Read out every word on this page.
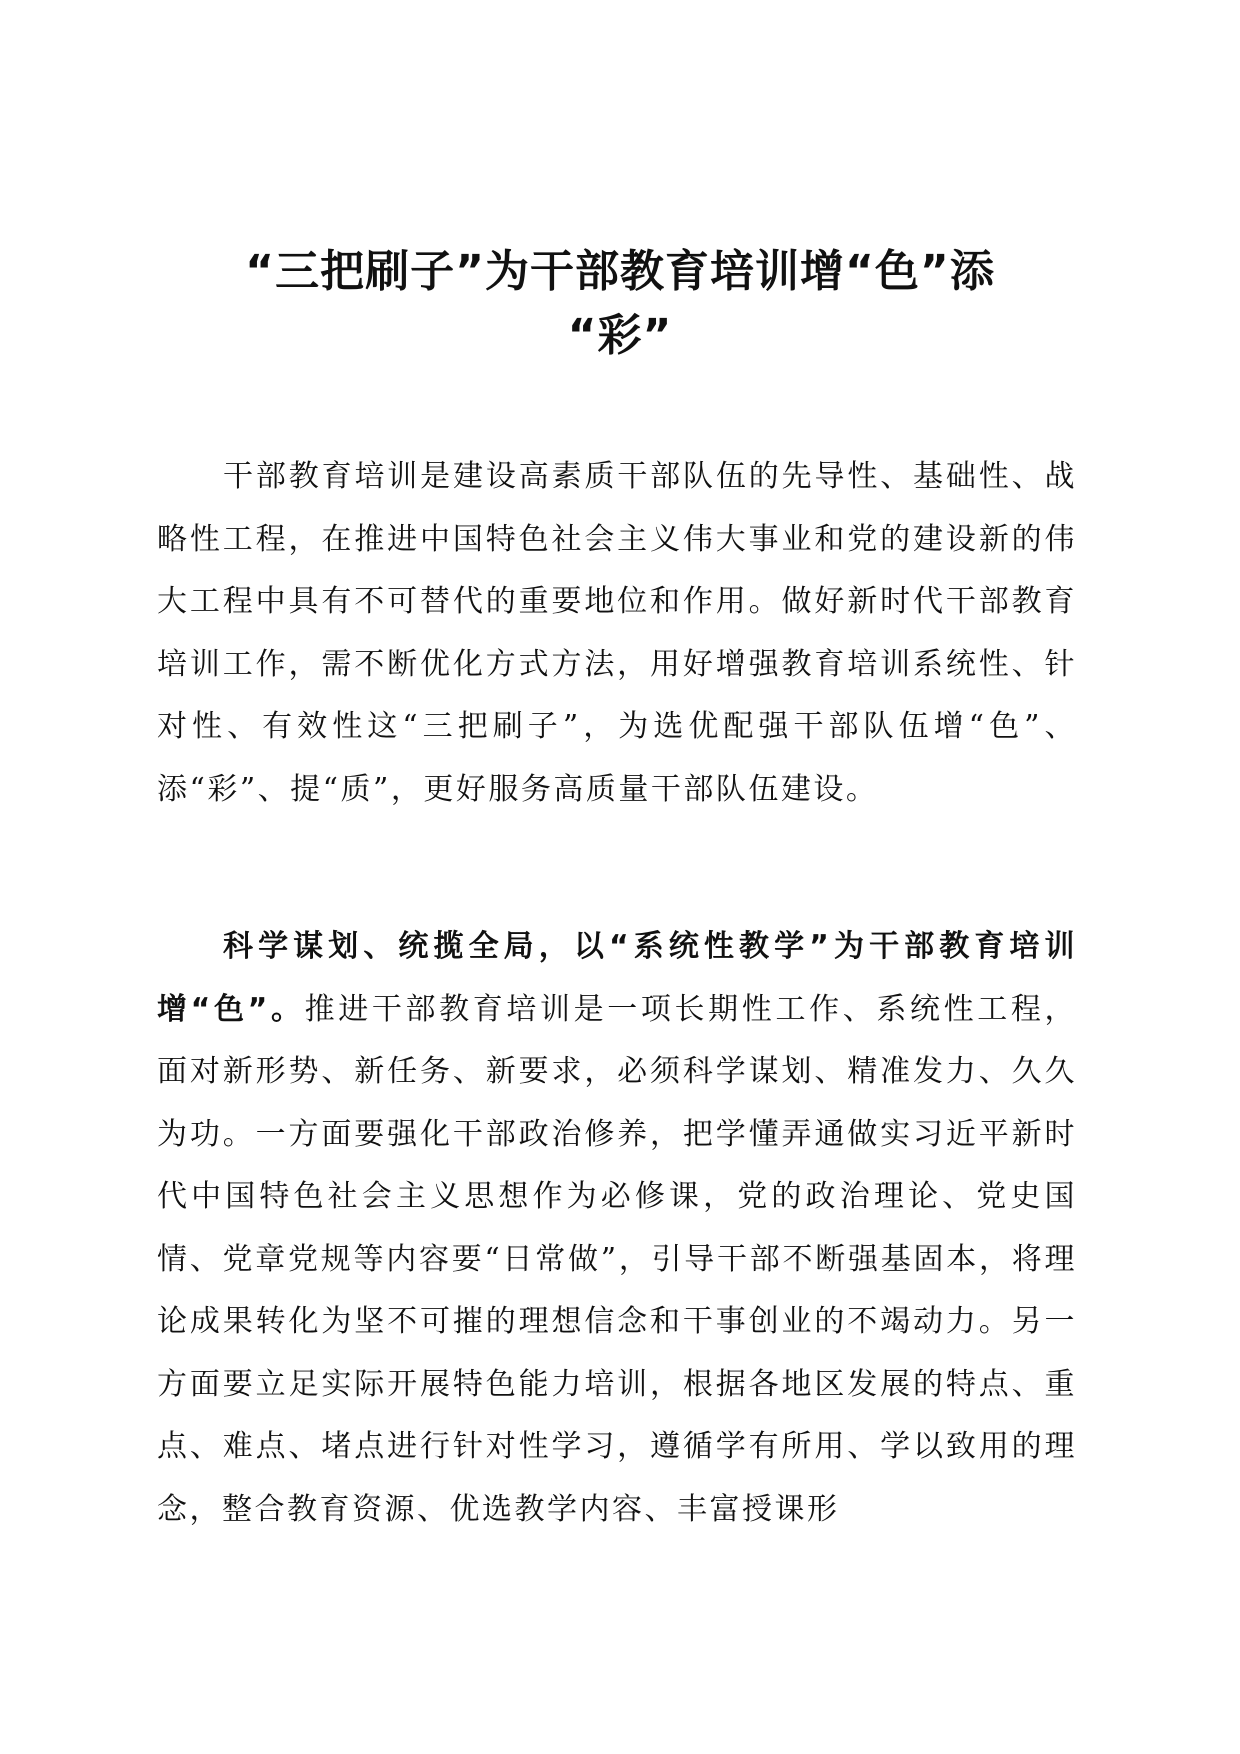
“三把刷子”为干部教育培训增“色”添
“彩”

干部教育培训是建设高素质干部队伍的先导性、基础性、战略性工程，在推进中国特色社会主义伟大事业和党的建设新的伟大工程中具有不可替代的重要地位和作用。做好新时代干部教育培训工作，需不断优化方式方法，用好增强教育培训系统性、针对性、有效性这“三把刷子”，为选优配强干部队伍增“色”、添“彩”、提“质”，更好服务高质量干部队伍建设。

科学谋划、统揽全局，以“系统性教学”为干部教育培训增“色”。推进干部教育培训是一项长期性工作、系统性工程，面对新形势、新任务、新要求，必须科学谋划、精准发力、久久为功。一方面要强化干部政治修养，把学懂弄通做实习近平新时代中国特色社会主义思想作为必修课，党的政治理论、党史国情、党章党规等内容要“日常做”，引导干部不断强基固本，将理论成果转化为坚不可摧的理想信念和干事创业的不竭动力。另一方面要立足实际开展特色能力培训，根据各地区发展的特点、重点、难点、堵点进行针对性学习，遵循学有所用、学以致用的理念，整合教育资源、优选教学内容、丰富授课形
